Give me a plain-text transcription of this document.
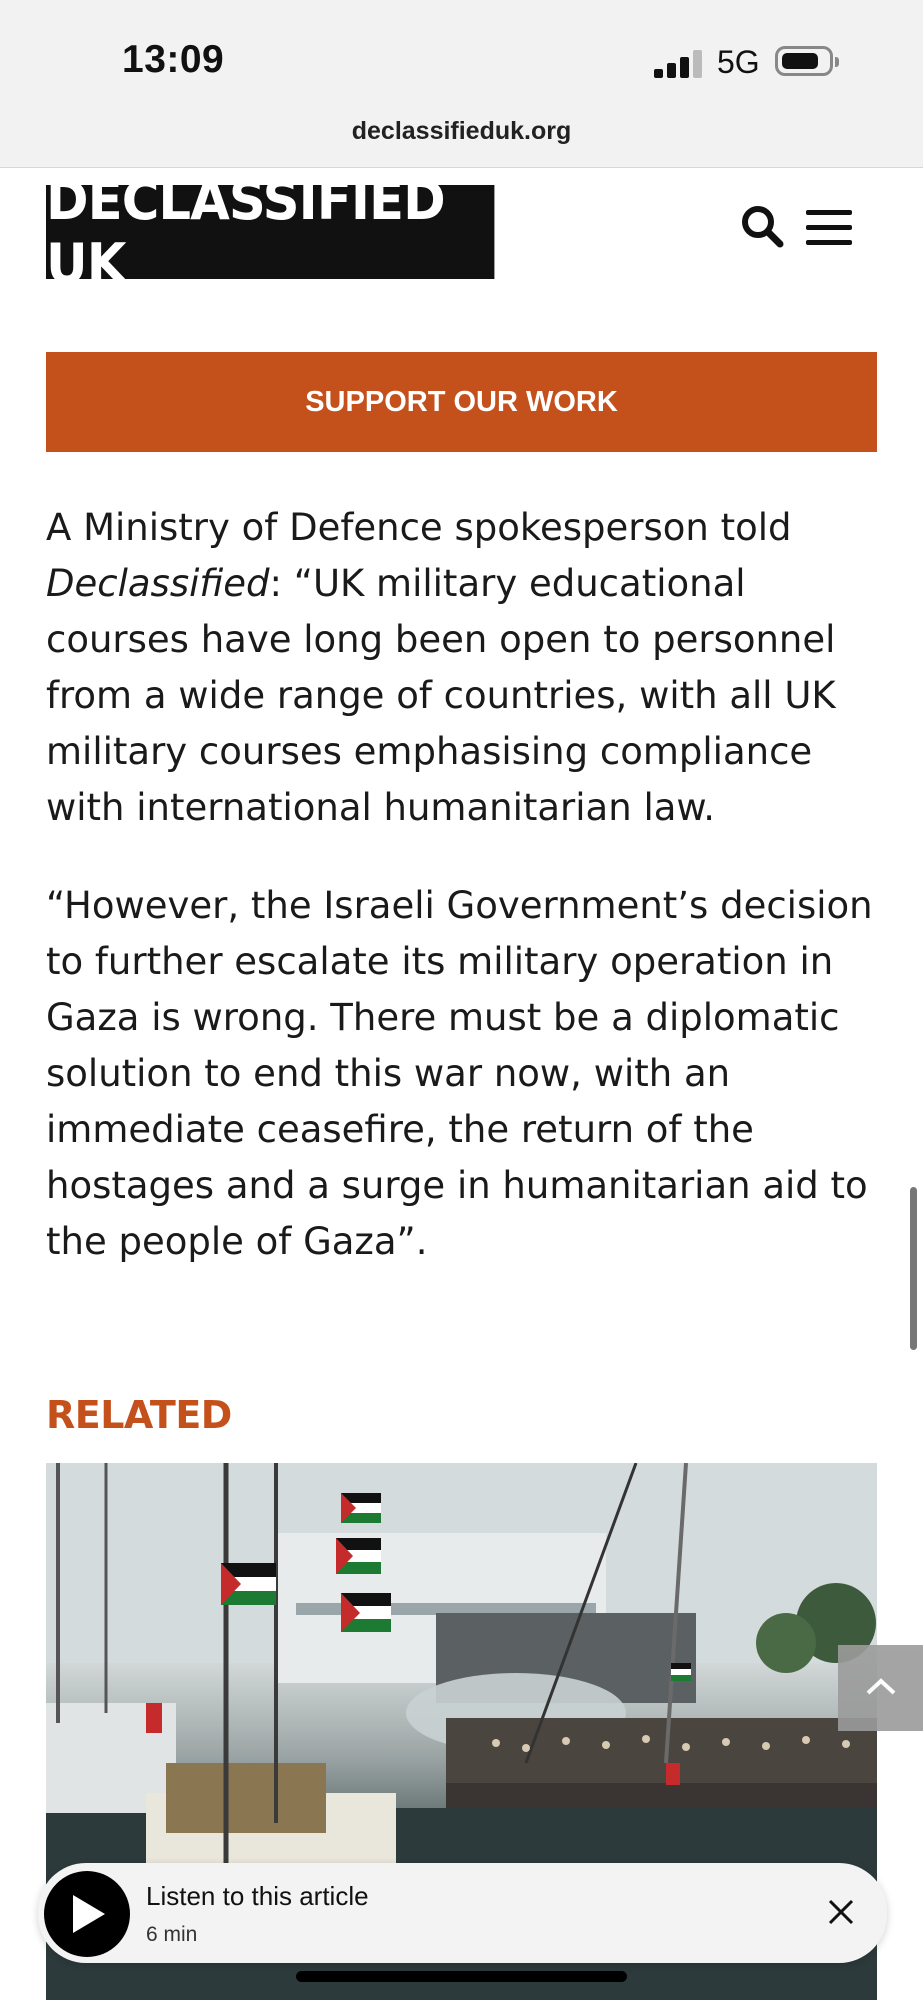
13:09	5G
declassifieduk.org
DECLASSIFIED UK
SUPPORT OUR WORK

A Ministry of Defence spokesperson told Declassified: “UK military educational courses have long been open to personnel from a wide range of countries, with all UK military courses emphasising compliance with international humanitarian law.

“However, the Israeli Government’s decision to further escalate its military operation in Gaza is wrong. There must be a diplomatic solution to end this war now, with an immediate ceasefire, the return of the hostages and a surge in humanitarian aid to the people of Gaza”.

RELATED
Listen to this article
6 min
